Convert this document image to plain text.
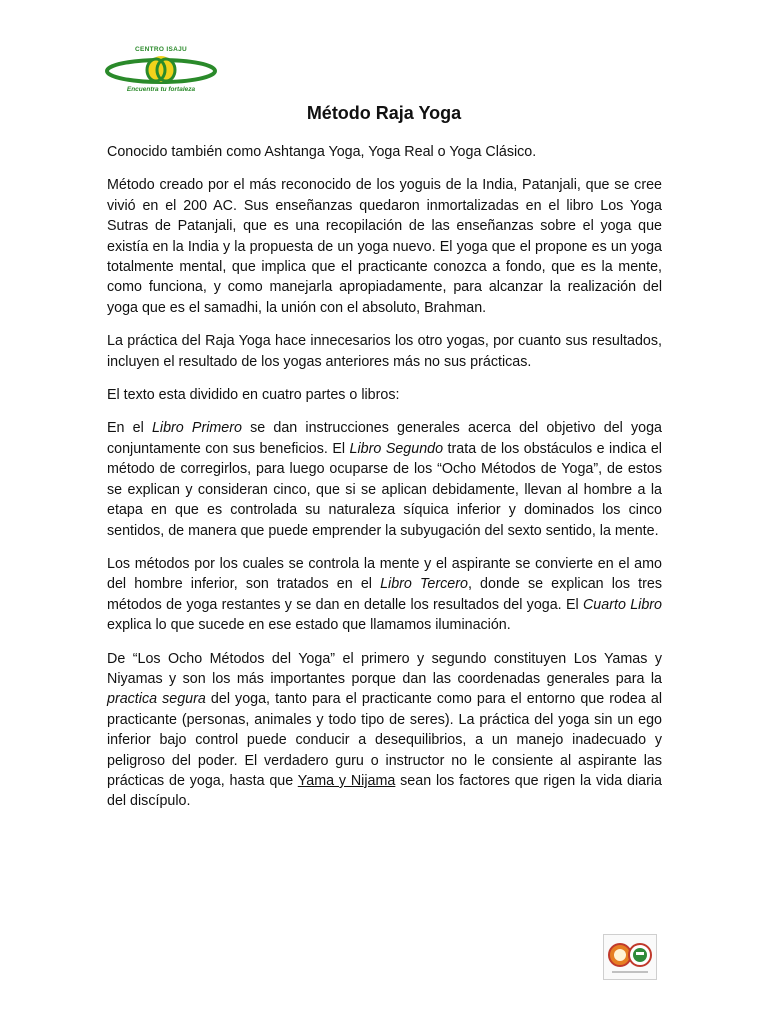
CENTRO ISAJU
Encuentra tu fortaleza
Método Raja Yoga

Conocido también como Ashtanga Yoga, Yoga Real o Yoga Clásico.

Método creado por el más reconocido de los yoguis de la India, Patanjali, que se cree vivió en el 200 AC. Sus enseñanzas quedaron inmortalizadas en el libro Los Yoga Sutras de Patanjali, que es una recopilación de las enseñanzas sobre el yoga que existía en la India y la propuesta de un yoga nuevo. El yoga que el propone es un yoga totalmente mental, que implica que el practicante conozca a fondo, que es la mente, como funciona, y como manejarla apropiadamente, para alcanzar la realización del yoga que es el samadhi, la unión con el absoluto, Brahman.

La práctica del Raja Yoga hace innecesarios los otro yogas, por cuanto sus resultados, incluyen el resultado de los yogas anteriores más no sus prácticas.

El texto esta dividido en cuatro partes o libros:

En el Libro Primero se dan instrucciones generales acerca del objetivo del yoga conjuntamente con sus beneficios. El Libro Segundo trata de los obstáculos e indica el método de corregirlos, para luego ocuparse de los “Ocho Métodos de Yoga”, de estos se explican y consideran cinco, que si se aplican debidamente, llevan al hombre a la etapa en que es controlada su naturaleza síquica inferior y dominados los cinco sentidos, de manera que puede emprender la subyugación del sexto sentido, la mente.

Los métodos por los cuales se controla la mente y el aspirante se convierte en el amo del hombre inferior, son tratados en el Libro Tercero, donde se explican los tres métodos de yoga restantes y se dan en detalle los resultados del yoga. El Cuarto Libro explica lo que sucede en ese estado que llamamos iluminación.

De “Los Ocho Métodos del Yoga” el primero y segundo constituyen Los Yamas y Niyamas y son los más importantes porque dan las coordenadas generales para la practica segura del yoga, tanto para el practicante como para el entorno que rodea al practicante (personas, animales y todo tipo de seres). La práctica del yoga sin un ego inferior bajo control puede conducir a desequilibrios, a un manejo inadecuado y peligroso del poder. El verdadero guru o instructor no le consiente al aspirante las prácticas de yoga, hasta que Yama y Nijama sean los factores que rigen la vida diaria del discípulo.
